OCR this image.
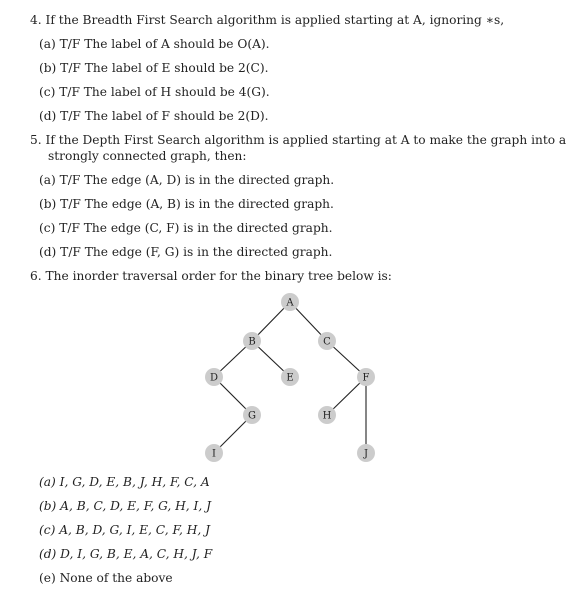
4. If the Breadth First Search algorithm is applied starting at A, ignoring ∗s,
(a) T/F The label of A should be O(A).
(b) T/F The label of E should be 2(C).
(c) T/F The label of H should be 4(G).
(d) T/F The label of F should be 2(D).
5. If the Depth First Search algorithm is applied starting at A to make the graph into a
strongly connected graph, then:
(a) T/F The edge (A, D) is in the directed graph.
(b) T/F The edge (A, B) is in the directed graph.
(c) T/F The edge (C, F) is in the directed graph.
(d) T/F The edge (F, G) is in the directed graph.
6. The inorder traversal order for the binary tree below is:
A
B	C
D	E	F
G	H
I	J
(a) I, G, D, E, B, J, H, F, C, A
(b) A, B, C, D, E, F, G, H, I, J
(c) A, B, D, G, I, E, C, F, H, J
(d) D, I, G, B, E, A, C, H, J, F
(e) None of the above
